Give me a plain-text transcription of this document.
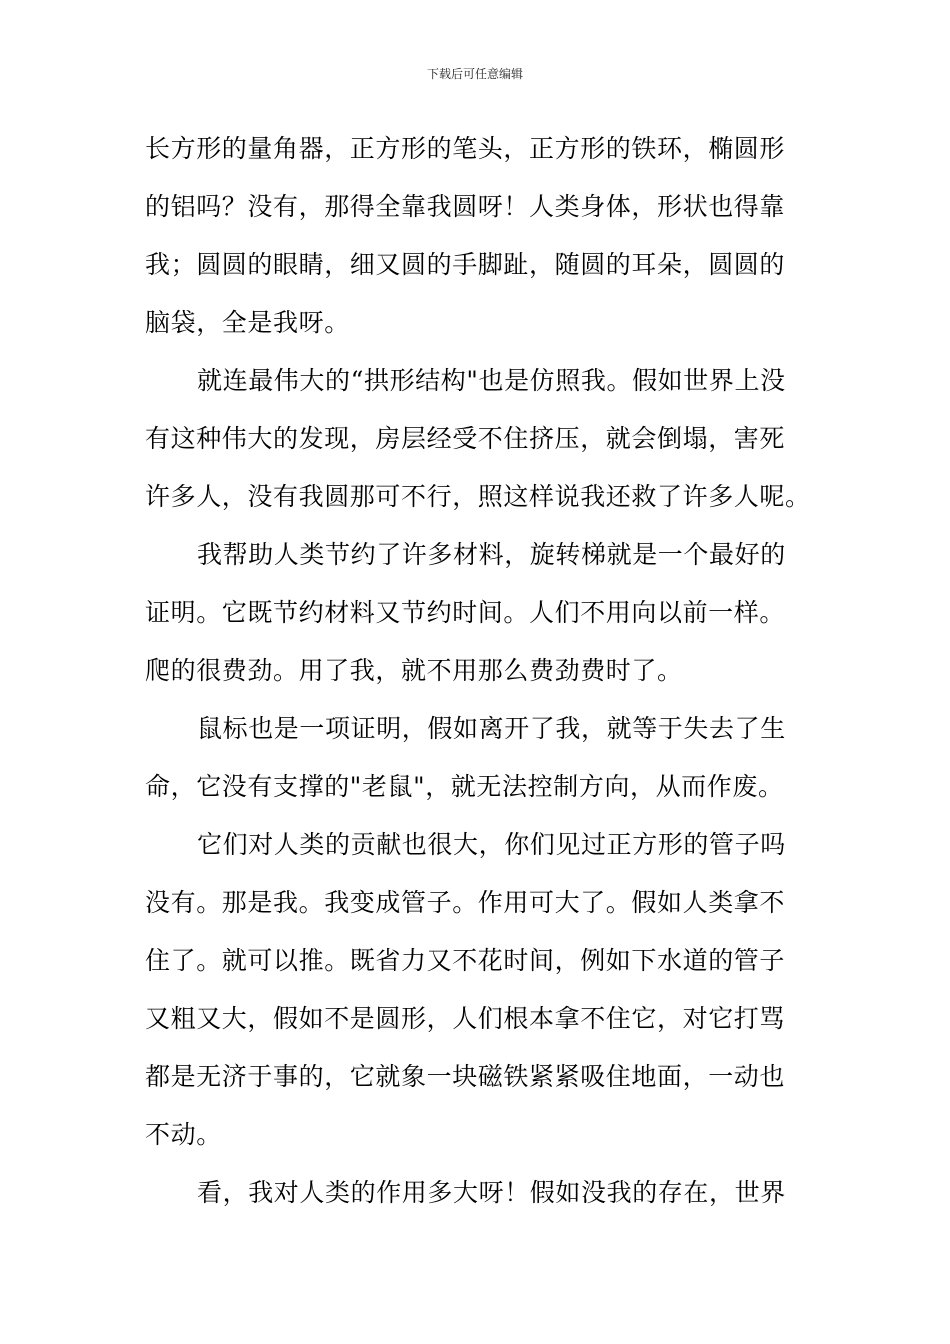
下载后可任意编辑
长方形的量角器，正方形的笔头，正方形的铁环，椭圆形
的铝吗？没有，那得全靠我圆呀！人类身体，形状也得靠
我；圆圆的眼睛，细又圆的手脚趾，随圆的耳朵，圆圆的
脑袋，全是我呀。
就连最伟大的“拱形结构"也是仿照我。假如世界上没
有这种伟大的发现，房层经受不住挤压，就会倒塌，害死
许多人，没有我圆那可不行，照这样说我还救了许多人呢。
我帮助人类节约了许多材料，旋转梯就是一个最好的
证明。它既节约材料又节约时间。人们不用向以前一样。
爬的很费劲。用了我，就不用那么费劲费时了。
鼠标也是一项证明，假如离开了我，就等于失去了生
命，它没有支撑的"老鼠"，就无法控制方向，从而作废。
它们对人类的贡献也很大，你们见过正方形的管子吗
没有。那是我。我变成管子。作用可大了。假如人类拿不
住了。就可以推。既省力又不花时间，例如下水道的管子
又粗又大，假如不是圆形，人们根本拿不住它，对它打骂
都是无济于事的，它就象一块磁铁紧紧吸住地面，一动也
不动。
看，我对人类的作用多大呀！假如没我的存在，世界
